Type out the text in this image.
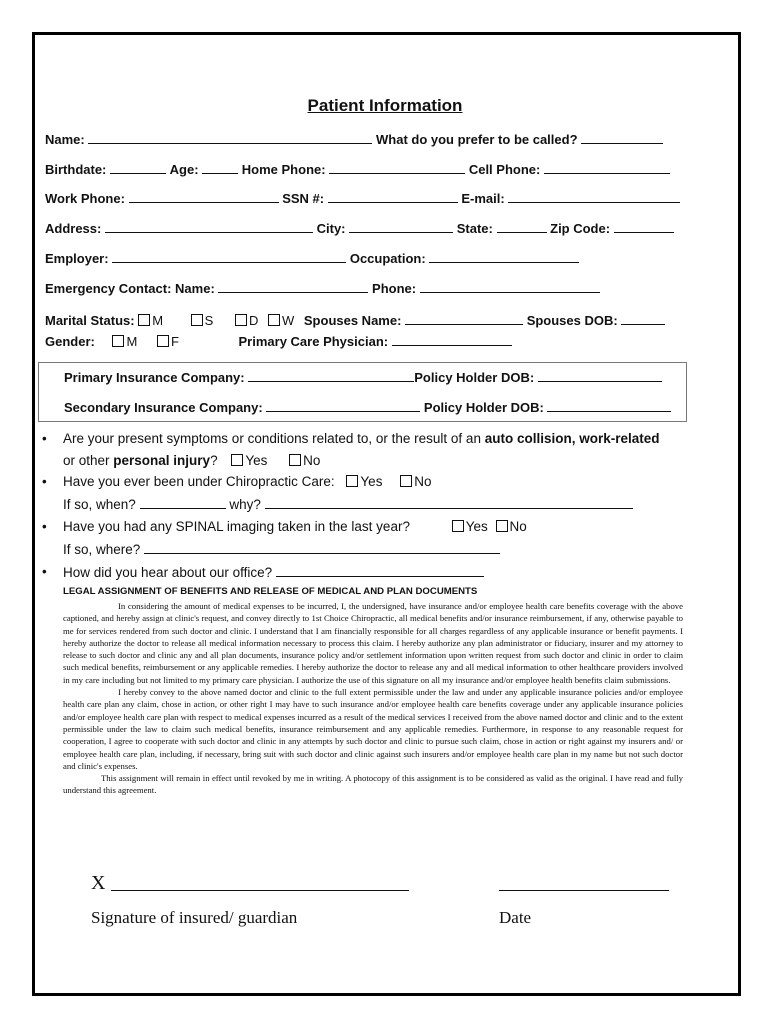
Patient Information
Name:	What do you prefer to be called?
Birthdate:	Age:	Home Phone:	Cell Phone:
Work Phone:	SSN #:	E-mail:
Address:	City:	State:	Zip Code:
Employer:	Occupation:
Emergency Contact: Name:	Phone:
Marital Status: M	S	D W Spouses Name:	Spouses DOB:
Gender: M	F	Primary Care Physician:
Primary Insurance Company:	Policy Holder DOB:
Secondary Insurance Company:	Policy Holder DOB:
• Are your present symptoms or conditions related to, or the result of an auto collision, work-related
or other personal injury? Yes	No
• Have you ever been under Chiropractic Care: Yes No
If so, when?	why?
• Have you had any SPINAL imaging taken in the last year?	Yes No
If so, where?
• How did you hear about our office?
LEGAL ASSIGNMENT OF BENEFITS AND RELEASE OF MEDICAL AND PLAN DOCUMENTS

In considering the amount of medical expenses to be incurred, I, the undersigned, have insurance and/or employee health care benefits coverage with the above captioned, and hereby assign at clinic's request, and convey directly to 1st Choice Chiropractic, all medical benefits and/or insurance reimbursement, if any, otherwise payable to me for services rendered from such doctor and clinic. I understand that I am financially responsible for all charges regardless of any applicable insurance or benefit payments. I hereby authorize the doctor to release all medical information necessary to process this claim. I hereby authorize any plan administrator or fiduciary, insurer and my attorney to release to such doctor and clinic any and all plan documents, insurance policy and/or settlement information upon written request from such doctor and clinic in order to claim such medical benefits, reimbursement or any applicable remedies. I hereby authorize the doctor to release any and all medical information to other healthcare providers involved in my care including but not limited to my primary care physician. I authorize the use of this signature on all my insurance and/or employee health benefits claim submissions.

I hereby convey to the above named doctor and clinic to the full extent permissible under the law and under any applicable insurance policies and/or employee health care plan any claim, chose in action, or other right I may have to such insurance and/or employee health care benefits coverage under any applicable insurance policies and/or employee health care plan with respect to medical expenses incurred as a result of the medical services I received from the above named doctor and clinic and to the extent permissible under the law to claim such medical benefits, insurance reimbursement and any applicable remedies. Furthermore, in response to any reasonable request for cooperation, I agree to cooperate with such doctor and clinic in any attempts by such doctor and clinic to pursue such claim, chose in action or right against my insurers and/ or employee health care plan, including, if necessary, bring suit with such doctor and clinic against such insurers and/or employee health care plan in my name but not such doctor and clinic's expenses.

This assignment will remain in effect until revoked by me in writing. A photocopy of this assignment is to be considered as valid as the original. I have read and fully understand this agreement.

X
Signature of insured/ guardian	Date
